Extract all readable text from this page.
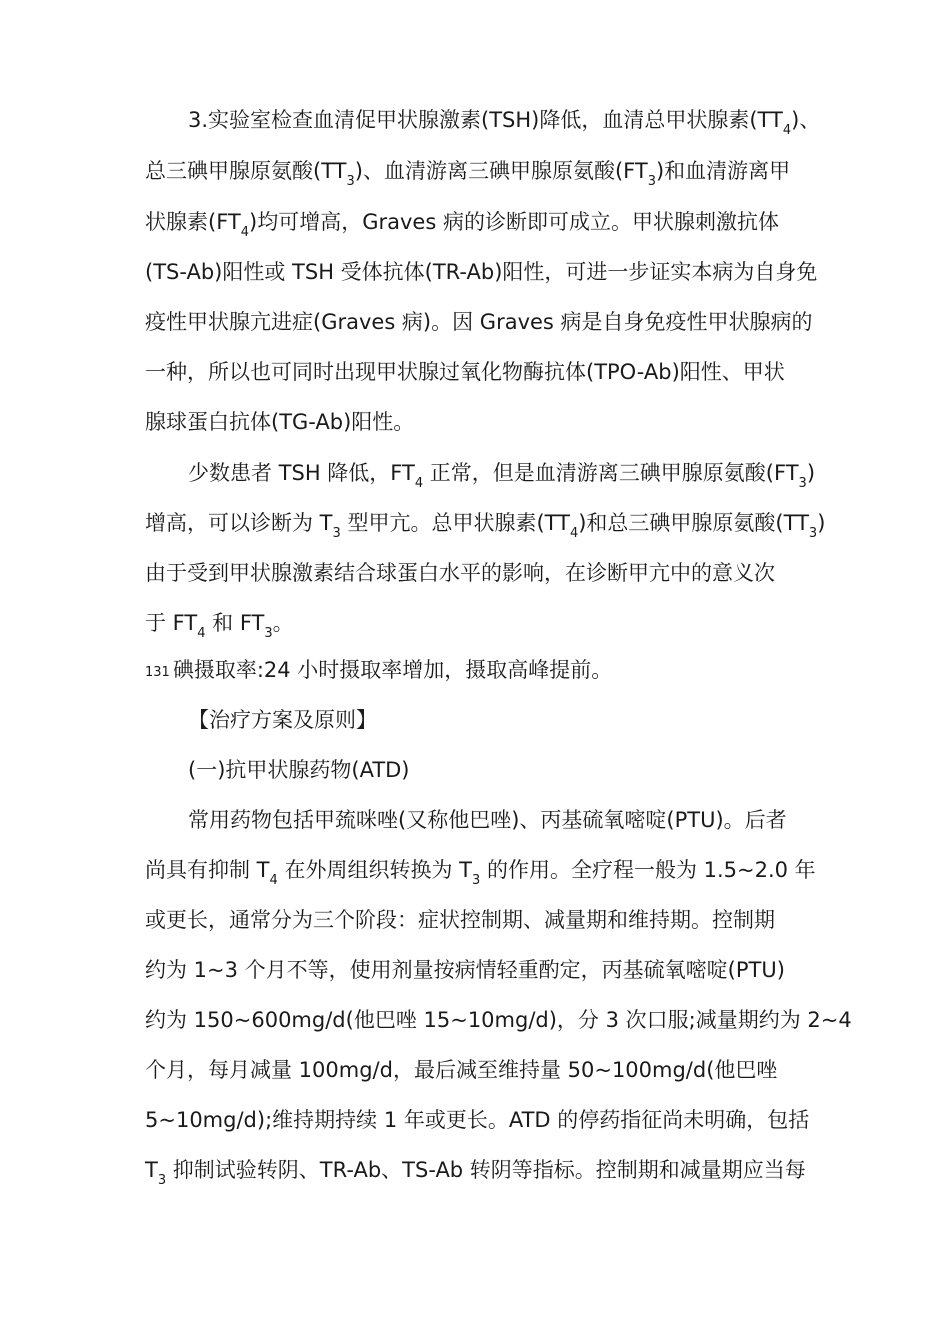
3.实验室检查血清促甲状腺激素(TSH)降低，血清总甲状腺素$(TT_4)$、
总三碘甲腺原氨酸$(TT_3)$、血清游离三碘甲腺原氨酸$(FT_3)$和血清游离甲
状腺素$(FT_4)$均可增高，Graves 病的诊断即可成立。甲状腺刺激抗体
(TS-Ab)阳性或 TSH 受体抗体(TR-Ab)阳性，可进一步证实本病为自身免
疫性甲状腺亢进症(Graves 病)。因 Graves 病是自身免疫性甲状腺病的
一种，所以也可同时出现甲状腺过氧化物酶抗体(TPO-Ab)阳性、甲状
腺球蛋白抗体(TG-Ab)阳性。
少数患者 TSH 降低，$FT_4$ 正常，但是血清游离三碘甲腺原氨酸$(FT_3)$
增高，可以诊断为 $T_3$ 型甲亢。总甲状腺素$(TT_4)$和总三碘甲腺原氨酸$(TT_3)$
由于受到甲状腺激素结合球蛋白水平的影响，在诊断甲亢中的意义次
于 $FT_4$ 和 $FT_3$。
131 碘摄取率:24 小时摄取率增加，摄取高峰提前。
【治疗方案及原则】
(一)抗甲状腺药物(ATD)
常用药物包括甲巯咪唑(又称他巴唑)、丙基硫氧嘧啶(PTU)。后者
尚具有抑制 $T_4$ 在外周组织转换为 $T_3$ 的作用。全疗程一般为 1.5~2.0 年
或更长，通常分为三个阶段：症状控制期、减量期和维持期。控制期
约为 1~3 个月不等，使用剂量按病情轻重酌定，丙基硫氧嘧啶(PTU)
约为 150~600mg/d(他巴唑 15~10mg/d)，分 3 次口服;减量期约为 2~4
个月，每月减量 100mg/d，最后减至维持量 50~100mg/d(他巴唑
5~10mg/d);维持期持续 1 年或更长。ATD 的停药指征尚未明确，包括
$T_3$ 抑制试验转阴、TR-Ab、TS-Ab 转阴等指标。控制期和减量期应当每
